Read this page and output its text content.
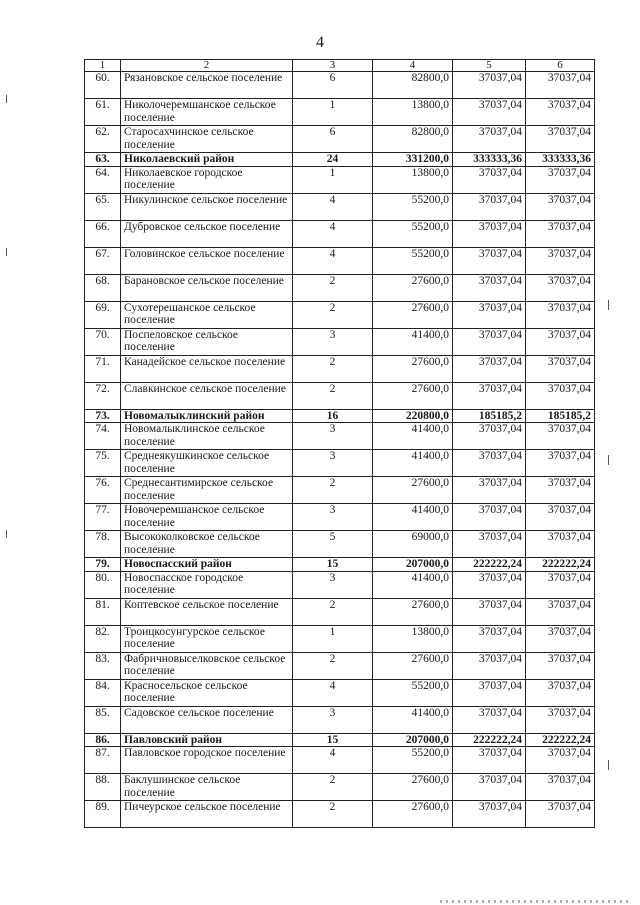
4
1	2	3	4	5	6
60.	Рязановское сельское поселение	6	82800,0	37037,04	37037,04
61.	Николочеремшанское сельское поселение	1	13800,0	37037,04	37037,04
62.	Старосахчинское сельское поселение	6	82800,0	37037,04	37037,04
63.	Николаевский район	24	331200,0	333333,36	333333,36
64.	Николаевское городское поселение	1	13800,0	37037,04	37037,04
65.	Никулинское сельское поселение	4	55200,0	37037,04	37037,04
66.	Дубровское сельское поселение	4	55200,0	37037,04	37037,04
67.	Головинское сельское поселение	4	55200,0	37037,04	37037,04
68.	Барановское сельское поселение	2	27600,0	37037,04	37037,04
69.	Сухотерешанское сельское поселение	2	27600,0	37037,04	37037,04
70.	Поспеловское сельское поселение	3	41400,0	37037,04	37037,04
71.	Канадейское сельское поселение	2	27600,0	37037,04	37037,04
72.	Славкинское сельское поселение	2	27600,0	37037,04	37037,04
73.	Новомалыклинский район	16	220800,0	185185,2	185185,2
74.	Новомалыклинское сельское поселение	3	41400,0	37037,04	37037,04
75.	Среднеякушкинское сельское поселение	3	41400,0	37037,04	37037,04
76.	Среднесантимирское сельское поселение	2	27600,0	37037,04	37037,04
77.	Новочеремшанское сельское поселение	3	41400,0	37037,04	37037,04
78.	Высококолковское сельское поселение	5	69000,0	37037,04	37037,04
79.	Новоспасский район	15	207000,0	222222,24	222222,24
80.	Новоспасское городское поселение	3	41400,0	37037,04	37037,04
81.	Коптевское сельское поселение	2	27600,0	37037,04	37037,04
82.	Троицкосунгурское сельское поселение	1	13800,0	37037,04	37037,04
83.	Фабричновыселковское сельское поселение	2	27600,0	37037,04	37037,04
84.	Красносельское сельское поселение	4	55200,0	37037,04	37037,04
85.	Садовское сельское поселение	3	41400,0	37037,04	37037,04
86.	Павловский район	15	207000,0	222222,24	222222,24
87.	Павловское городское поселение	4	55200,0	37037,04	37037,04
88.	Баклушинское сельское поселение	2	27600,0	37037,04	37037,04
89.	Пичеурское сельское поселение	2	27600,0	37037,04	37037,04
